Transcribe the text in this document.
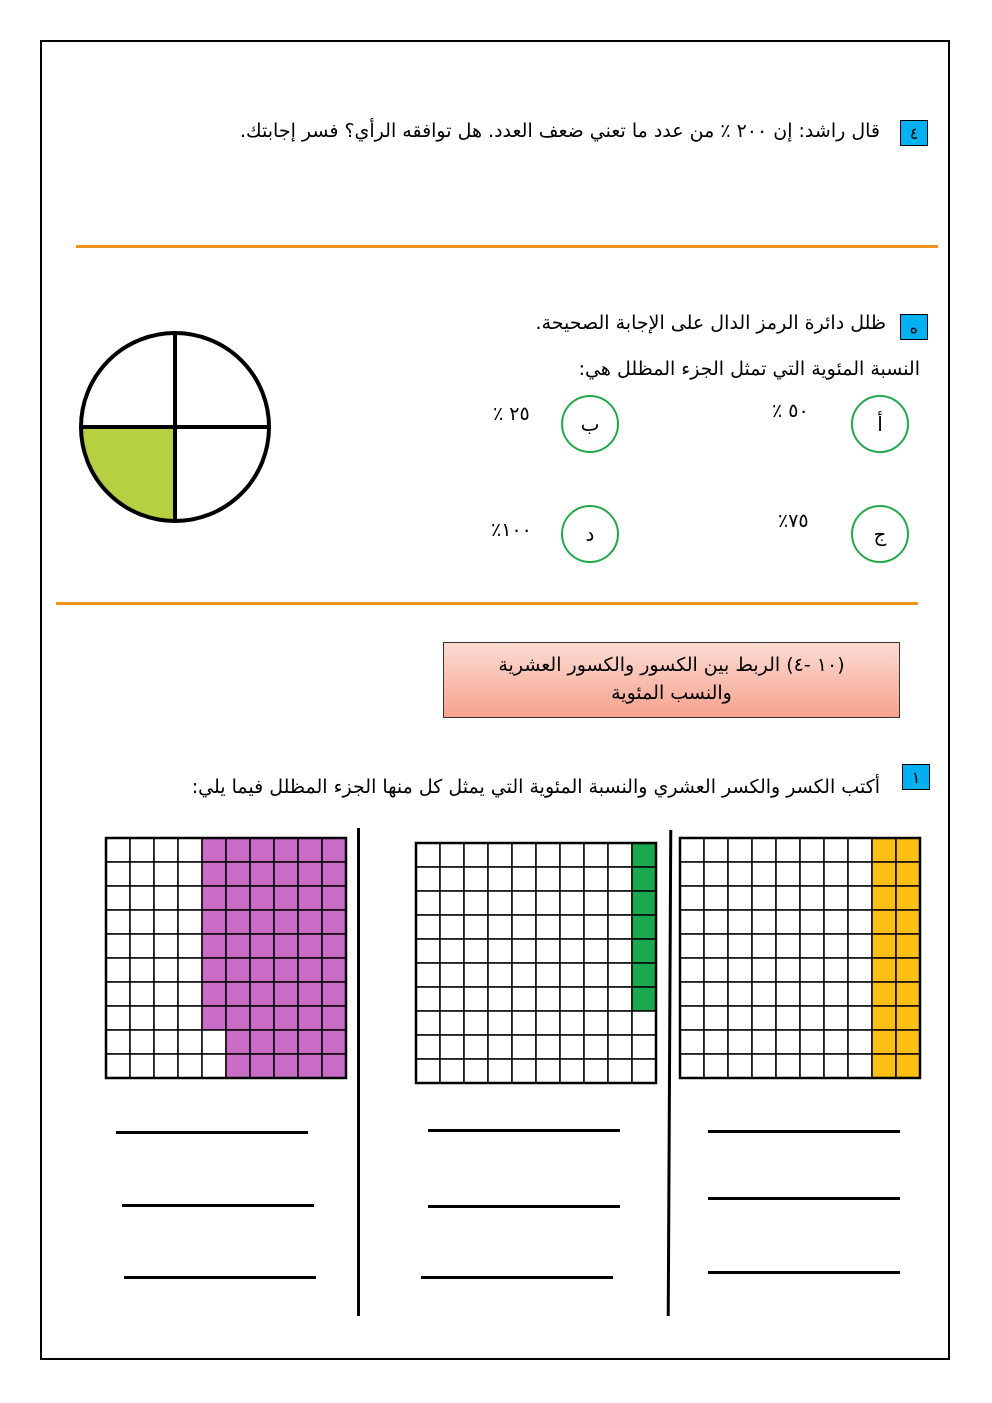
٤
قال راشد: إن ٢٠٠ ٪ من عدد ما تعني ضعف العدد. هل توافقه الرأي؟ فسر إجابتك.
ه
ظلل دائرة الرمز الدال على الإجابة الصحيحة.
النسبة المئوية التي تمثل الجزء المظلل هي:
أ
٥٠ ٪
ب
٢٥ ٪
ج
٧٥٪
د
١٠٠٪
(١٠ -٤) الربط بين الكسور والكسور العشرية
والنسب المئوية
١
أكتب الكسر والكسر العشري والنسبة المئوية التي يمثل كل منها الجزء المظلل فيما يلي:
